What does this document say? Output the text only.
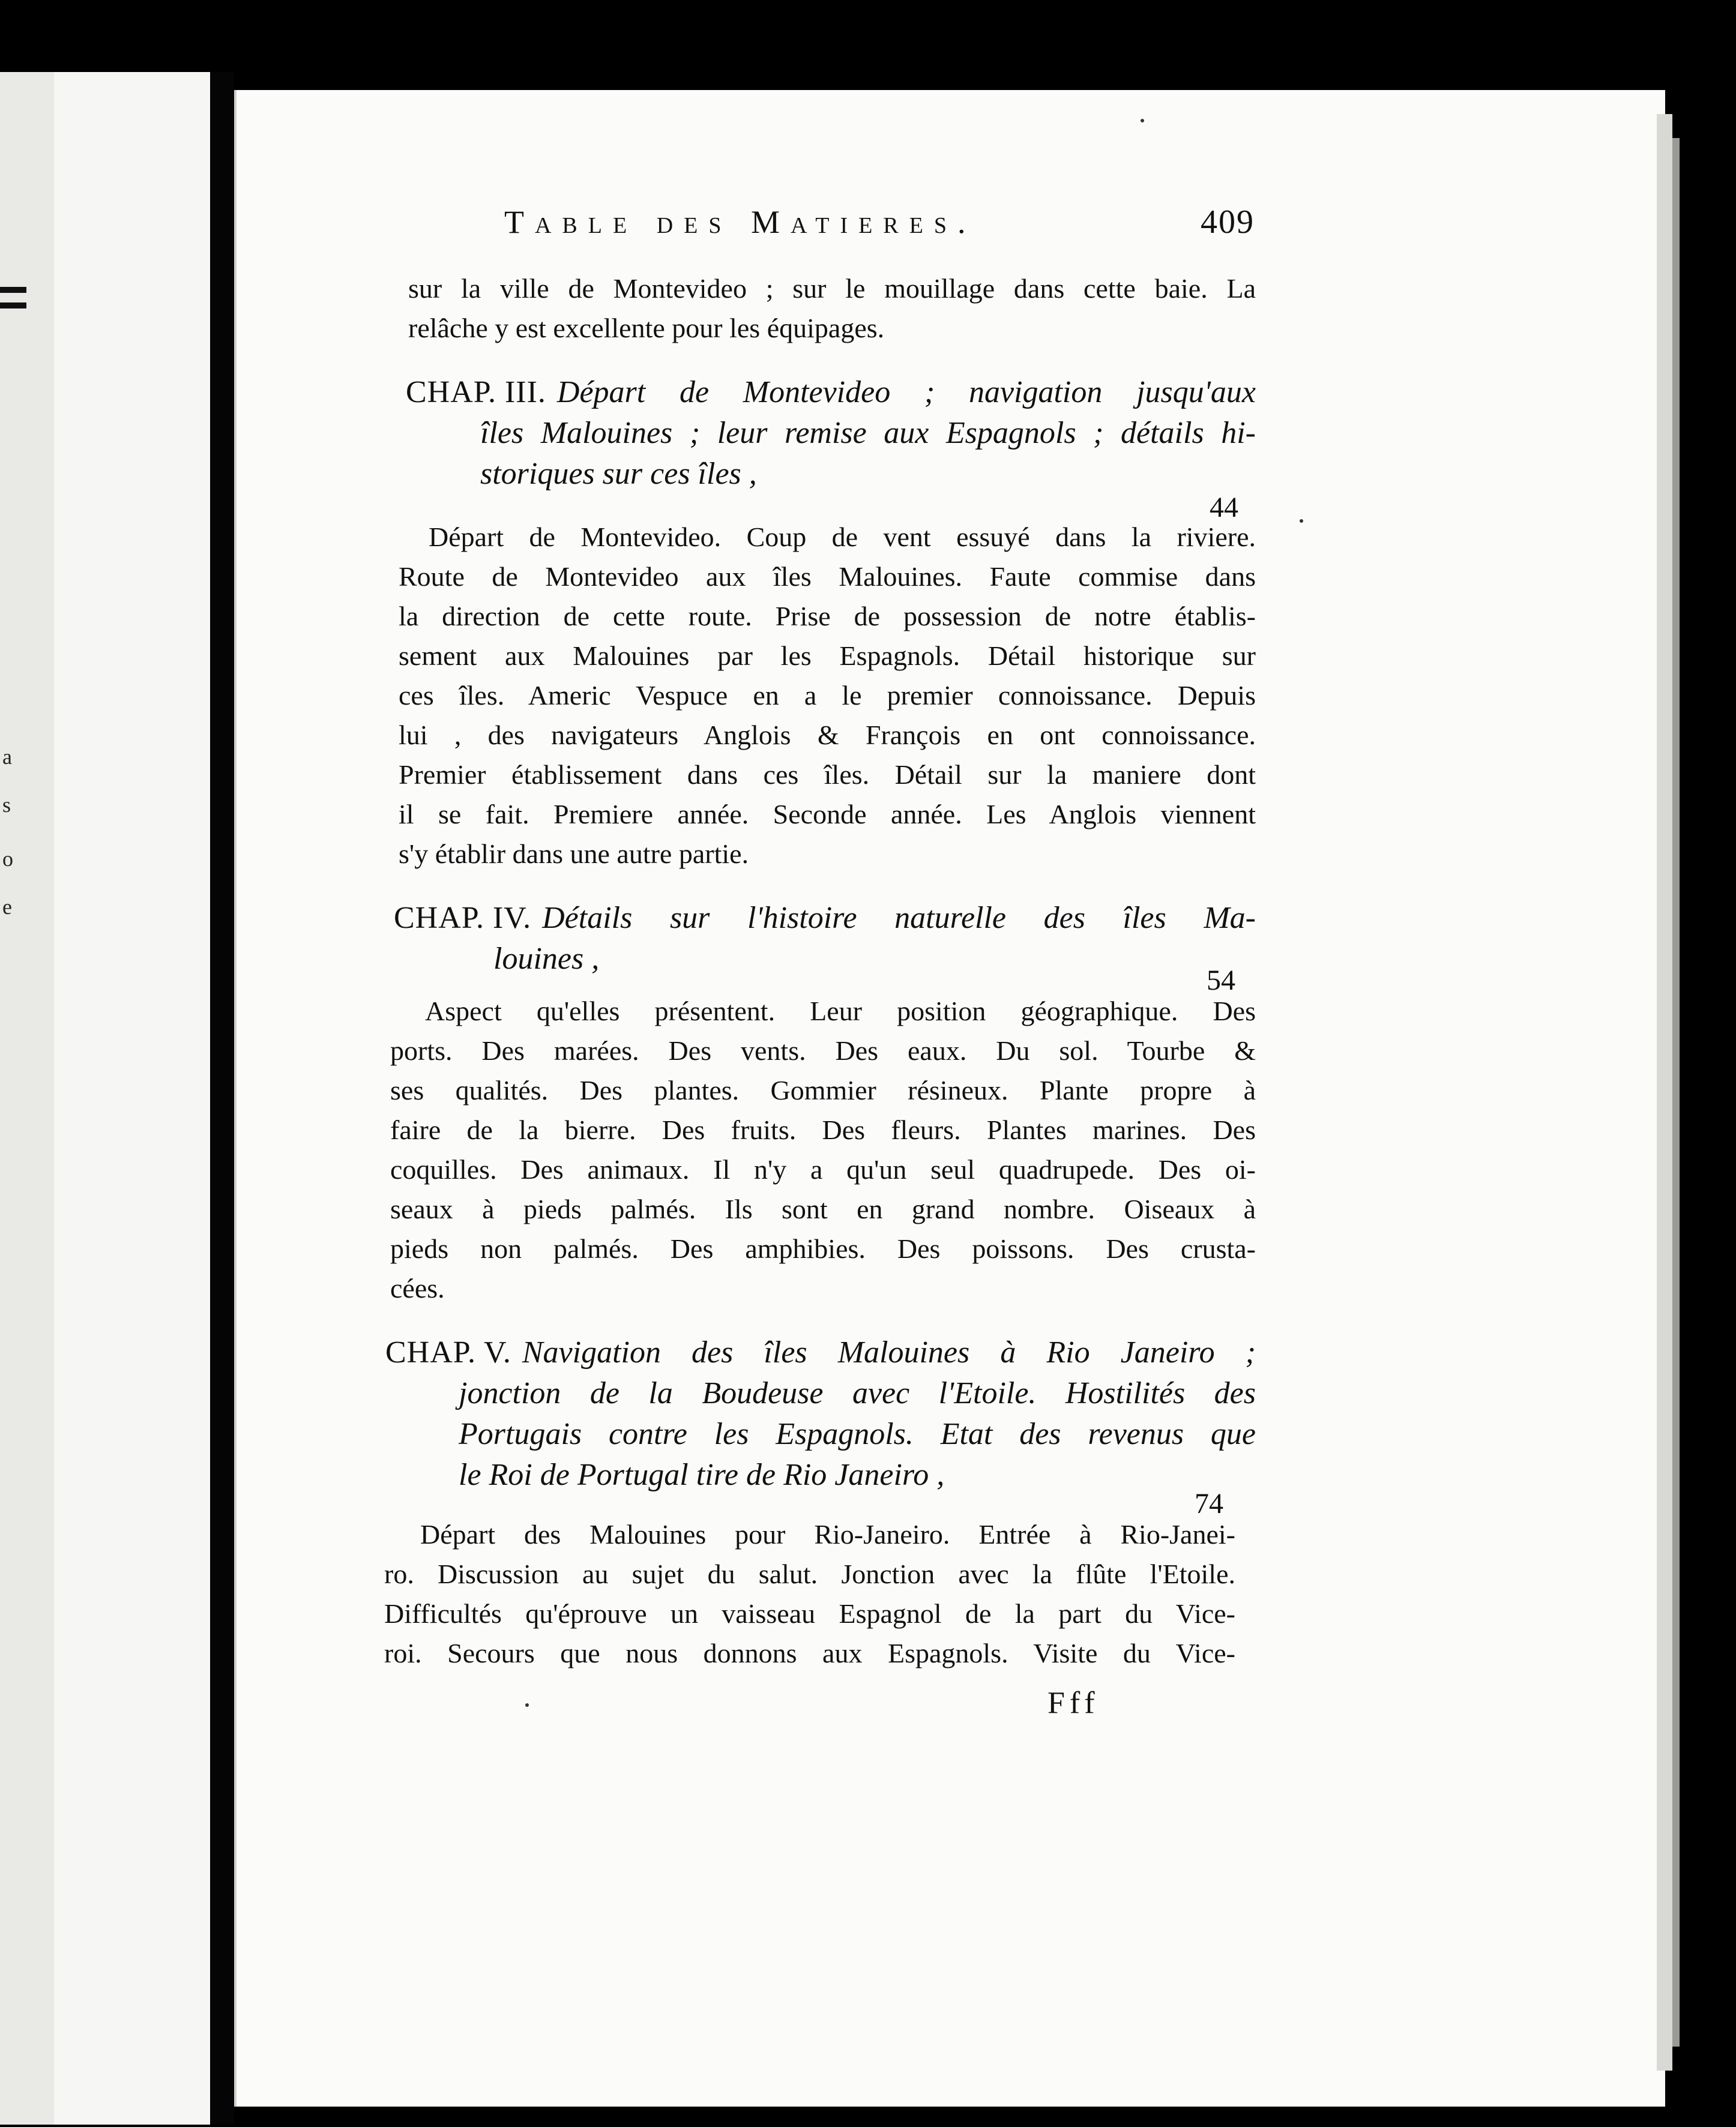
a
s
o
e
Table des Matieres.	409
sur la ville de Montevideo ; sur le mouillage dans cette baie. La
relâche y est excellente pour les équipages.
CHAP. III. Départ de Montevideo ; navigation jusqu'aux
îles Malouines ; leur remise aux Espagnols ; détails hi-
storiques sur ces îles ,
44
Départ de Montevideo. Coup de vent essuyé dans la riviere.
Route de Montevideo aux îles Malouines. Faute commise dans
la direction de cette route. Prise de possession de notre établis-
sement aux Malouines par les Espagnols. Détail historique sur
ces îles. Americ Vespuce en a le premier connoissance. Depuis
lui , des navigateurs Anglois & François en ont connoissance.
Premier établissement dans ces îles. Détail sur la maniere dont
il se fait. Premiere année. Seconde année. Les Anglois viennent
s'y établir dans une autre partie.
CHAP. IV. Détails sur l'histoire naturelle des îles Ma-
louines ,
54
Aspect qu'elles présentent. Leur position géographique. Des
ports. Des marées. Des vents. Des eaux. Du sol. Tourbe &
ses qualités. Des plantes. Gommier résineux. Plante propre à
faire de la bierre. Des fruits. Des fleurs. Plantes marines. Des
coquilles. Des animaux. Il n'y a qu'un seul quadrupede. Des oi-
seaux à pieds palmés. Ils sont en grand nombre. Oiseaux à
pieds non palmés. Des amphibies. Des poissons. Des crusta-
cées.
CHAP. V. Navigation des îles Malouines à Rio Janeiro ;
jonction de la Boudeuse avec l'Etoile. Hostilités des
Portugais contre les Espagnols. Etat des revenus que
le Roi de Portugal tire de Rio Janeiro ,
74
Départ des Malouines pour Rio-Janeiro. Entrée à Rio-Janei-
ro. Discussion au sujet du salut. Jonction avec la flûte l'Etoile.
Difficultés qu'éprouve un vaisseau Espagnol de la part du Vice-
roi. Secours que nous donnons aux Espagnols. Visite du Vice-
Fff
